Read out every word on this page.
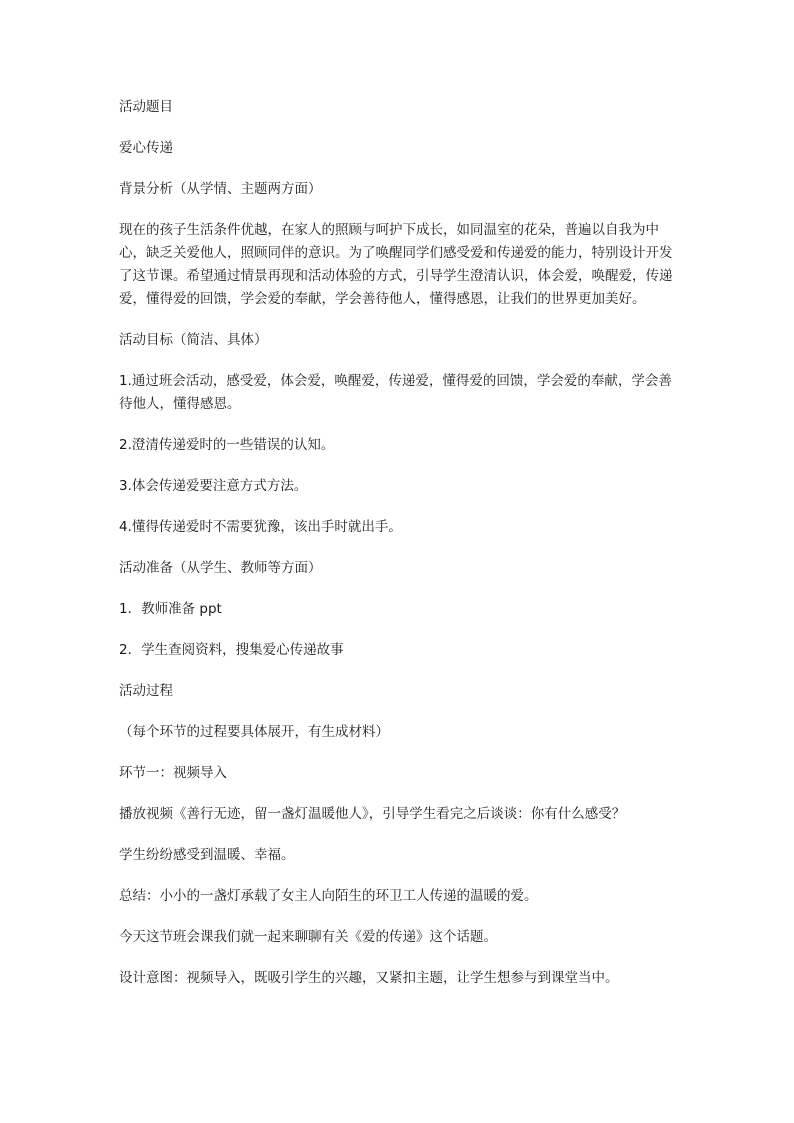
活动题目

爱心传递

背景分析（从学情、主题两方面）

现在的孩子生活条件优越，在家人的照顾与呵护下成长，如同温室的花朵，普遍以自我为中心，缺乏关爱他人，照顾同伴的意识。为了唤醒同学们感受爱和传递爱的能力，特别设计开发了这节课。希望通过情景再现和活动体验的方式，引导学生澄清认识，体会爱，唤醒爱，传递爱，懂得爱的回馈，学会爱的奉献，学会善待他人，懂得感恩，让我们的世界更加美好。

活动目标（简洁、具体）

1.通过班会活动，感受爱，体会爱，唤醒爱，传递爱，懂得爱的回馈，学会爱的奉献，学会善待他人，懂得感恩。

2.澄清传递爱时的一些错误的认知。

3.体会传递爱要注意方式方法。

4.懂得传递爱时不需要犹豫，该出手时就出手。

活动准备（从学生、教师等方面）

1．教师准备 ppt

2．学生查阅资料，搜集爱心传递故事

活动过程

（每个环节的过程要具体展开，有生成材料）

环节一：视频导入

播放视频《善行无迹，留一盏灯温暖他人》，引导学生看完之后谈谈：你有什么感受？

学生纷纷感受到温暖、幸福。

总结：小小的一盏灯承载了女主人向陌生的环卫工人传递的温暖的爱。

今天这节班会课我们就一起来聊聊有关《爱的传递》这个话题。

设计意图：视频导入，既吸引学生的兴趣，又紧扣主题，让学生想参与到课堂当中。
